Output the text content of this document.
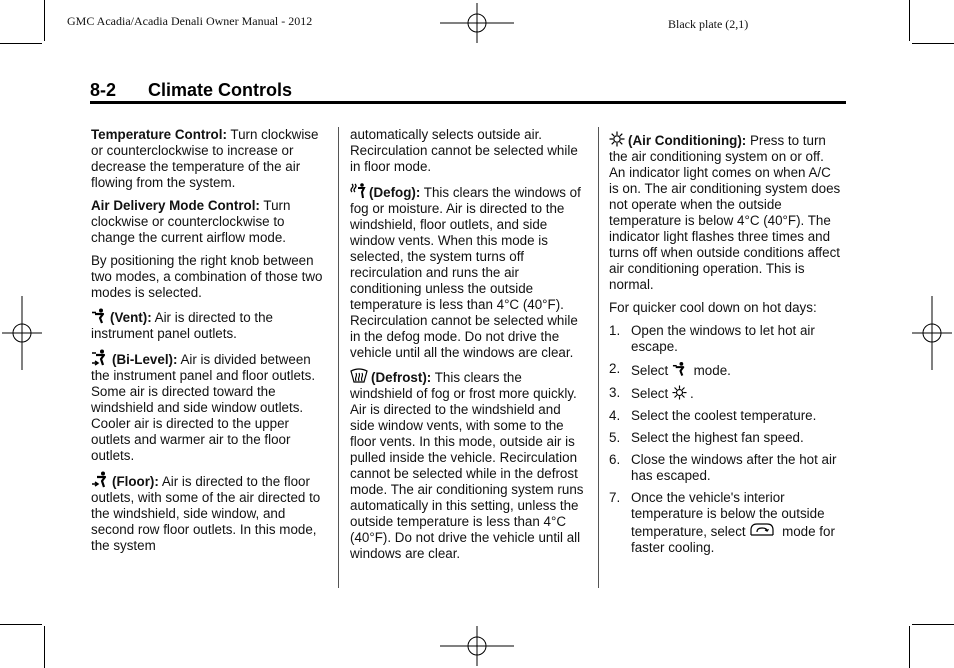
GMC Acadia/Acadia Denali Owner Manual - 2012	Black plate (2,1)
8-2 Climate Controls

Temperature Control: Turn clockwise or counterclockwise to increase or decrease the temperature of the air flowing from the system.

Air Delivery Mode Control: Turn clockwise or counterclockwise to change the current airflow mode.

By positioning the right knob between two modes, a combination of those two modes is selected.

(Vent): Air is directed to the instrument panel outlets.

(Bi-Level): Air is divided between the instrument panel and floor outlets. Some air is directed toward the windshield and side window outlets. Cooler air is directed to the upper outlets and warmer air to the floor outlets.

(Floor): Air is directed to the floor outlets, with some of the air directed to the windshield, side window, and second row floor outlets. In this mode, the system

automatically selects outside air. Recirculation cannot be selected while in floor mode.

(Defog): This clears the windows of fog or moisture. Air is directed to the windshield, floor outlets, and side window vents. When this mode is selected, the system turns off recirculation and runs the air conditioning unless the outside temperature is less than 4°C (40°F). Recirculation cannot be selected while in the defog mode. Do not drive the vehicle until all the windows are clear.

(Defrost): This clears the windshield of fog or frost more quickly. Air is directed to the windshield and side window vents, with some to the floor vents. In this mode, outside air is pulled inside the vehicle. Recirculation cannot be selected while in the defrost mode. The air conditioning system runs automatically in this setting, unless the outside temperature is less than 4°C (40°F). Do not drive the vehicle until all windows are clear.

(Air Conditioning): Press to turn the air conditioning system on or off. An indicator light comes on when A/C is on. The air conditioning system does not operate when the outside temperature is below 4°C (40°F). The indicator light flashes three times and turns off when outside conditions affect air conditioning operation. This is normal.

For quicker cool down on hot days:

1. Open the windows to let hot air escape.
2. Select  mode.
3. Select .
4. Select the coolest temperature.
5. Select the highest fan speed.
6. Close the windows after the hot air has escaped.
7. Once the vehicle's interior temperature is below the outside temperature, select  mode for faster cooling.
